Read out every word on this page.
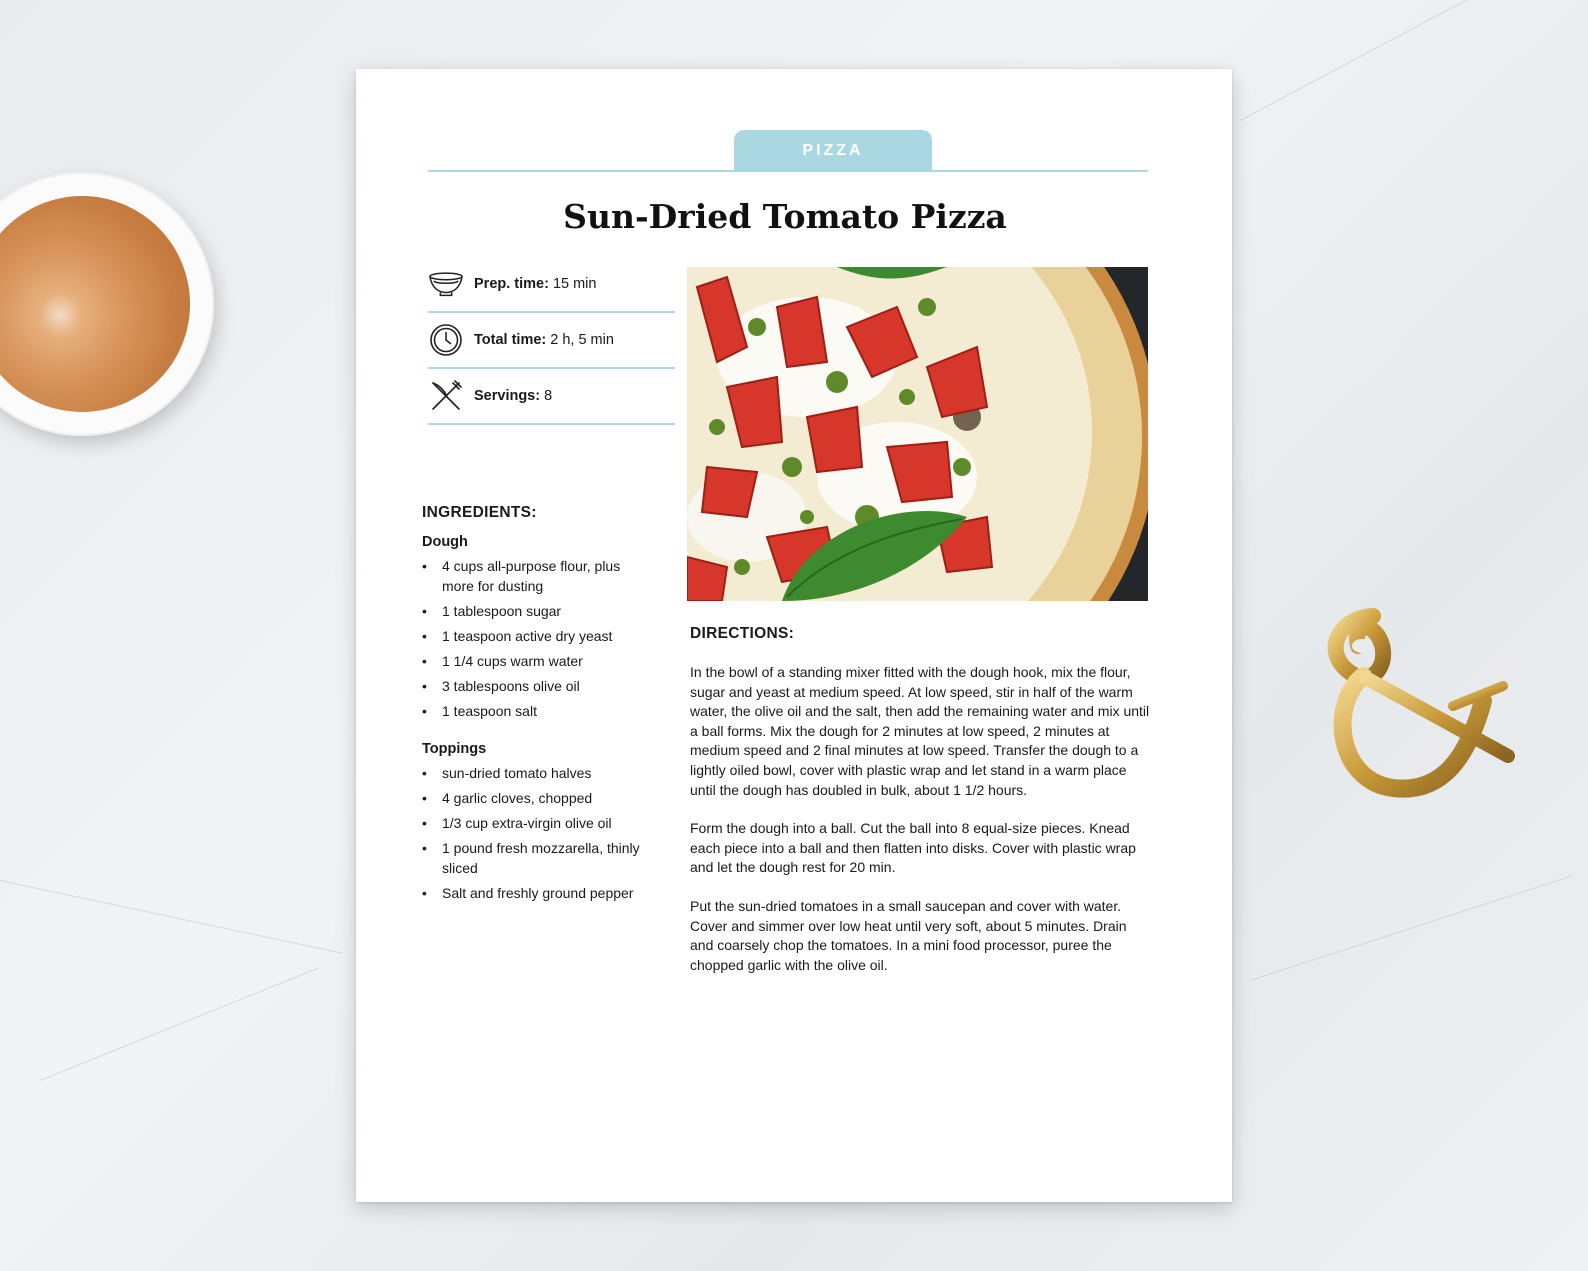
PIZZA
Sun-Dried Tomato Pizza
Prep. time: 15 min
Total time: 2 h, 5 min
Servings: 8
INGREDIENTS:
Dough
• 4 cups all-purpose flour, plus more for dusting
• 1 tablespoon sugar
• 1 teaspoon active dry yeast
• 1 1/4 cups warm water
• 3 tablespoons olive oil
• 1 teaspoon salt
Toppings
• sun-dried tomato halves
• 4 garlic cloves, chopped
• 1/3 cup extra-virgin olive oil
• 1 pound fresh mozzarella, thinly sliced
• Salt and freshly ground pepper
DIRECTIONS:

In the bowl of a standing mixer fitted with the dough hook, mix the flour, sugar and yeast at medium speed. At low speed, stir in half of the warm water, the olive oil and the salt, then add the remaining water and mix until a ball forms. Mix the dough for 2 minutes at low speed, 2 minutes at medium speed and 2 final minutes at low speed. Transfer the dough to a lightly oiled bowl, cover with plastic wrap and let stand in a warm place until the dough has doubled in bulk, about 1 1/2 hours.

Form the dough into a ball. Cut the ball into 8 equal-size pieces. Knead each piece into a ball and then flatten into disks. Cover with plastic wrap and let the dough rest for 20 min.

Put the sun-dried tomatoes in a small saucepan and cover with water. Cover and simmer over low heat until very soft, about 5 minutes. Drain and coarsely chop the tomatoes. In a mini food processor, puree the chopped garlic with the olive oil.
